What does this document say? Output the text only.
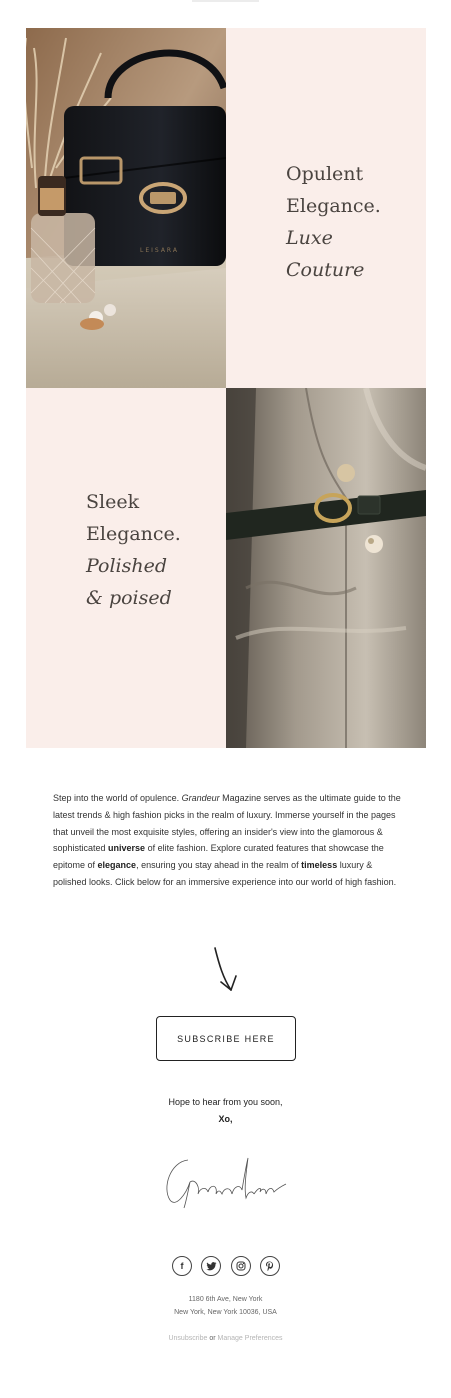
LEISARA
Opulent
Elegance.
Luxe
Couture
Sleek
Elegance.
Polished
& poised
Step into the world of opulence. Grandeur Magazine serves as the ultimate guide to the latest trends & high fashion picks in the realm of luxury. Immerse yourself in the pages that unveil the most exquisite styles, offering an insider's view into the glamorous & sophisticated universe of elite fashion. Explore curated features that showcase the epitome of elegance, ensuring you stay ahead in the realm of timeless luxury & polished looks. Click below for an immersive experience into our world of high fashion.
SUBSCRIBE HERE
Hope to hear from you soon,
Xo,
f
1180 6th Ave, New York
New York, New York 10036, USA
Unsubscribe or Manage Preferences
